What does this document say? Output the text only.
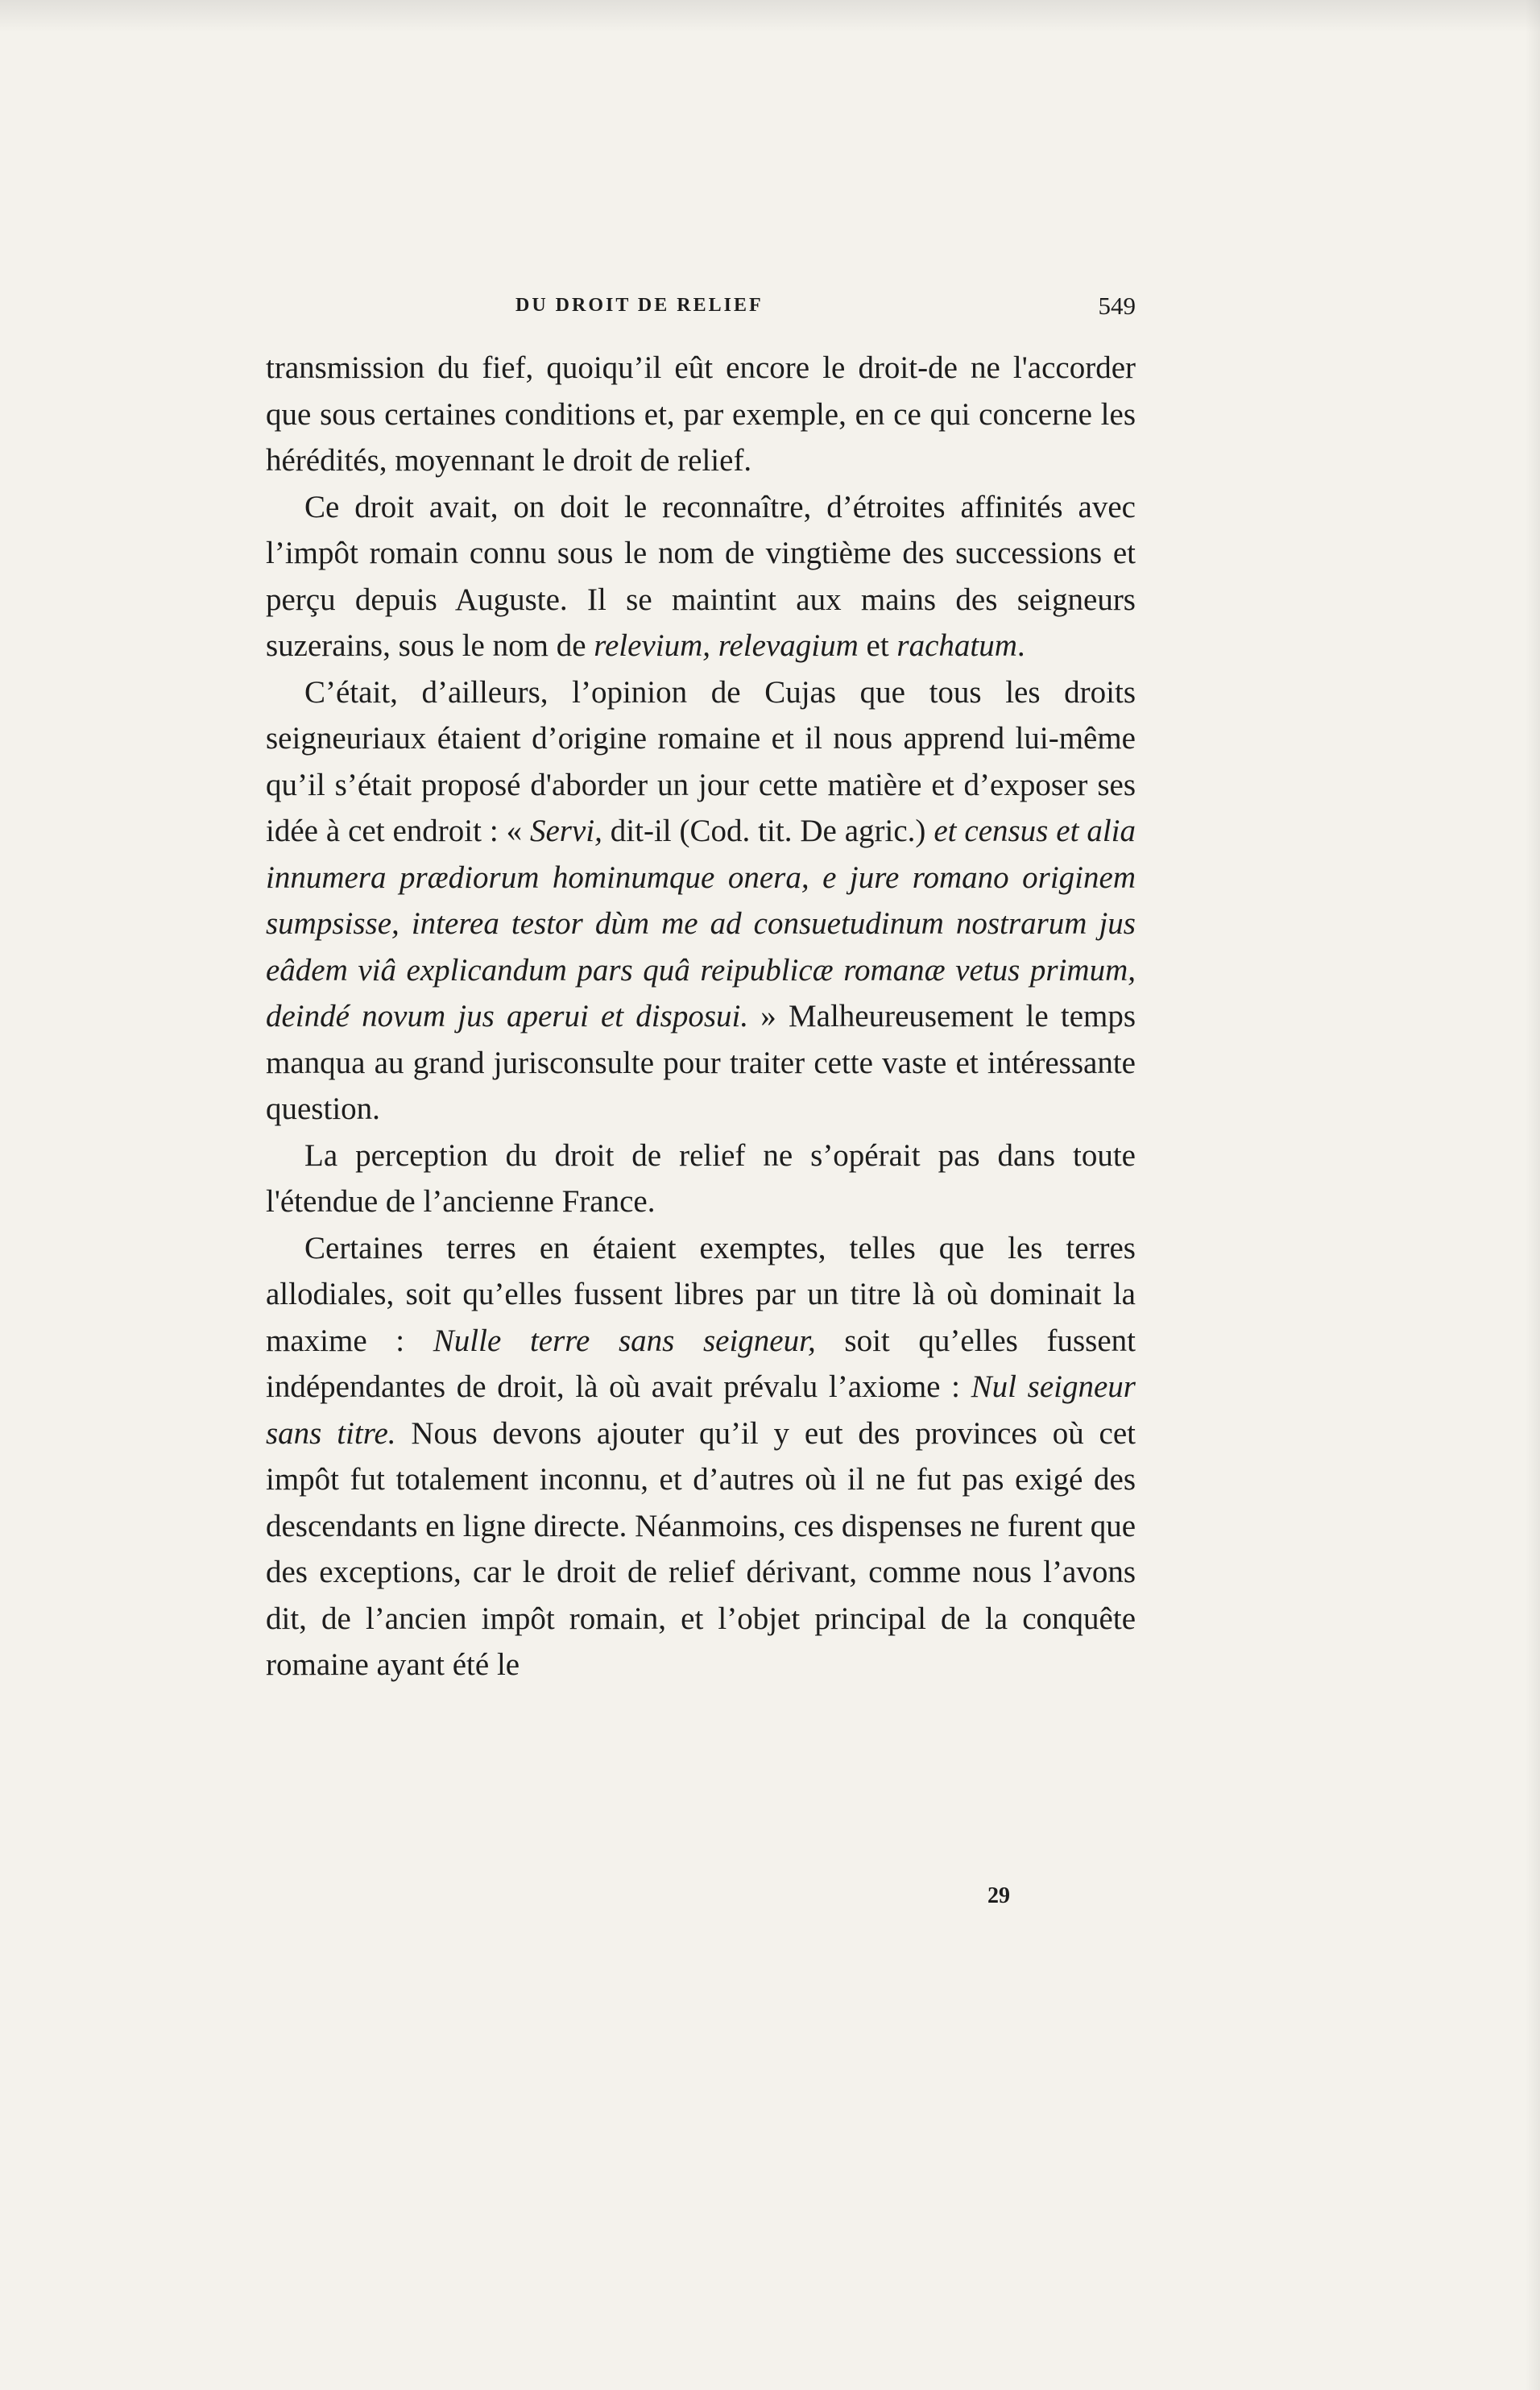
DU DROIT DE RELIEF	549

transmission du fief, quoiqu’il eût encore le droit-de ne l'accorder que sous certaines conditions et, par exemple, en ce qui concerne les hérédités, moyennant le droit de relief.

Ce droit avait, on doit le reconnaître, d’étroites affinités avec l’impôt romain connu sous le nom de vingtième des successions et perçu depuis Auguste. Il se maintint aux mains des seigneurs suzerains, sous le nom de relevium, relevagium et rachatum.

C’était, d’ailleurs, l’opinion de Cujas que tous les droits seigneuriaux étaient d’origine romaine et il nous apprend lui-même qu’il s’était proposé d'aborder un jour cette matière et d’exposer ses idée à cet endroit : « Servi, dit-il (Cod. tit. De agric.) et census et alia innumera prædiorum hominumque onera, e jure romano originem sumpsisse, interea testor dùm me ad consuetudinum nostrarum jus eâdem viâ explicandum pars quâ reipublicæ romanæ vetus primum, deindé novum jus aperui et disposui. » Malheureusement le temps manqua au grand jurisconsulte pour traiter cette vaste et intéressante question.

La perception du droit de relief ne s’opérait pas dans toute l'étendue de l’ancienne France.

Certaines terres en étaient exemptes, telles que les terres allodiales, soit qu’elles fussent libres par un titre là où dominait la maxime : Nulle terre sans seigneur, soit qu’elles fussent indépendantes de droit, là où avait prévalu l’axiome : Nul seigneur sans titre. Nous devons ajouter qu’il y eut des provinces où cet impôt fut totalement inconnu, et d’autres où il ne fut pas exigé des descendants en ligne directe. Néanmoins, ces dispenses ne furent que des exceptions, car le droit de relief dérivant, comme nous l’avons dit, de l’ancien impôt romain, et l’objet principal de la conquête romaine ayant été le

29
